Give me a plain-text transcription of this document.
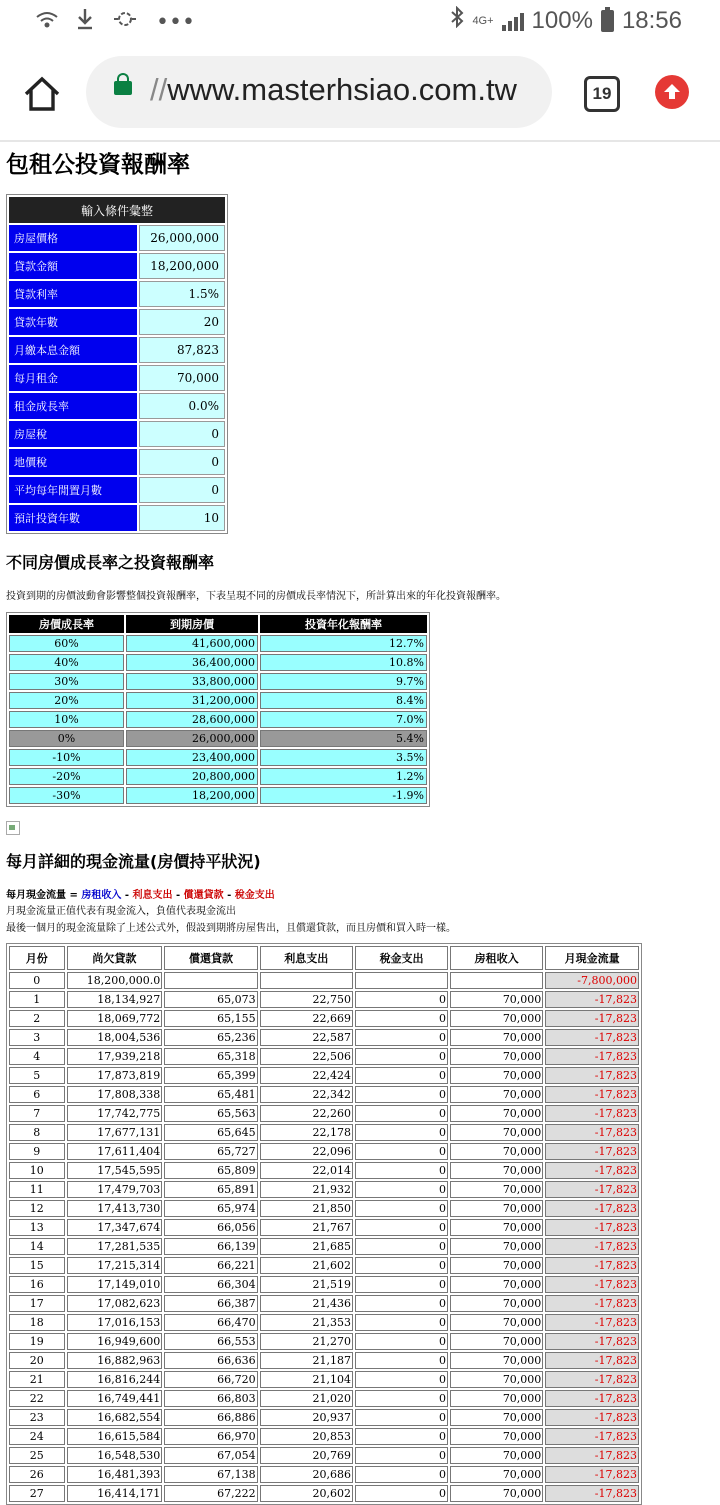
•••	4G+ 100% 18:56
//www.masterhsiao.com.tw	19
包租公投資報酬率
輸入條件彙整	
房屋價格	26,000,000
貸款金額	18,200,000
貸款利率	1.5%
貸款年數	20
月繳本息金額	87,823
每月租金	70,000
租金成長率	0.0%
房屋稅	0
地價稅	0
平均每年閒置月數	0
預計投資年數	10
不同房價成長率之投資報酬率

投資到期的房價波動會影響整個投資報酬率，下表呈現不同的房價成長率情況下，所計算出來的年化投資報酬率。

房價成長率	到期房價	投資年化報酬率
60%	41,600,000	12.7%
40%	36,400,000	10.8%
30%	33,800,000	9.7%
20%	31,200,000	8.4%
10%	28,600,000	7.0%
0%	26,000,000	5.4%
-10%	23,400,000	3.5%
-20%	20,800,000	1.2%
-30%	18,200,000	-1.9%
每月詳細的現金流量(房價持平狀況)

每月現金流量 = 房租收入 - 利息支出 - 償還貸款 - 稅金支出

月現金流量正值代表有現金流入，負值代表現金流出

最後一個月的現金流量除了上述公式外，假設到期將房屋售出，且償還貸款，而且房價和買入時一樣。

月份	尚欠貸款	償還貸款	利息支出	稅金支出	房租收入	月現金流量
0	18,200,000.0					-7,800,000
1	18,134,927	65,073	22,750	0	70,000	-17,823
2	18,069,772	65,155	22,669	0	70,000	-17,823
3	18,004,536	65,236	22,587	0	70,000	-17,823
4	17,939,218	65,318	22,506	0	70,000	-17,823
5	17,873,819	65,399	22,424	0	70,000	-17,823
6	17,808,338	65,481	22,342	0	70,000	-17,823
7	17,742,775	65,563	22,260	0	70,000	-17,823
8	17,677,131	65,645	22,178	0	70,000	-17,823
9	17,611,404	65,727	22,096	0	70,000	-17,823
10	17,545,595	65,809	22,014	0	70,000	-17,823
11	17,479,703	65,891	21,932	0	70,000	-17,823
12	17,413,730	65,974	21,850	0	70,000	-17,823
13	17,347,674	66,056	21,767	0	70,000	-17,823
14	17,281,535	66,139	21,685	0	70,000	-17,823
15	17,215,314	66,221	21,602	0	70,000	-17,823
16	17,149,010	66,304	21,519	0	70,000	-17,823
17	17,082,623	66,387	21,436	0	70,000	-17,823
18	17,016,153	66,470	21,353	0	70,000	-17,823
19	16,949,600	66,553	21,270	0	70,000	-17,823
20	16,882,963	66,636	21,187	0	70,000	-17,823
21	16,816,244	66,720	21,104	0	70,000	-17,823
22	16,749,441	66,803	21,020	0	70,000	-17,823
23	16,682,554	66,886	20,937	0	70,000	-17,823
24	16,615,584	66,970	20,853	0	70,000	-17,823
25	16,548,530	67,054	20,769	0	70,000	-17,823
26	16,481,393	67,138	20,686	0	70,000	-17,823
27	16,414,171	67,222	20,602	0	70,000	-17,823
